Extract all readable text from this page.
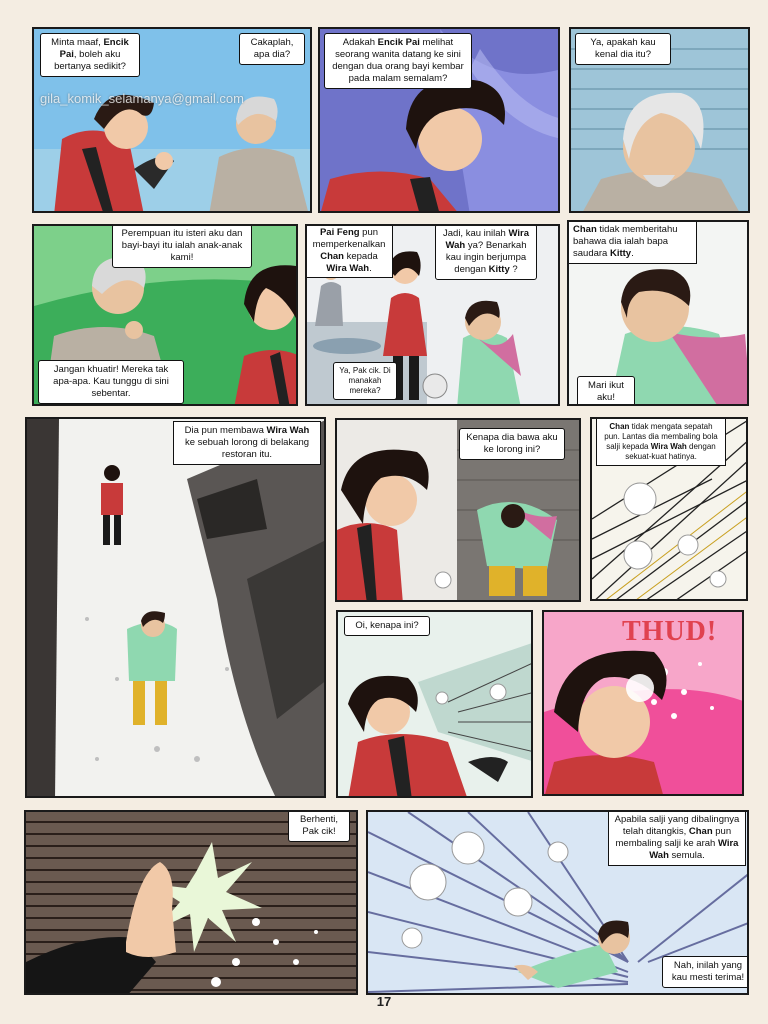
gila_komik_selamanya@gmail.com
Minta maaf, Encik Pai, boleh aku bertanya sedikit?
Cakaplah, apa dia?
Adakah Encik Pai melihat seorang wanita datang ke sini dengan dua orang bayi kembar pada malam semalam?
Ya, apakah kau kenal dia itu?
Perempuan itu isteri aku dan bayi-bayi itu ialah anak-anak kami!
Jangan khuatir! Mereka tak apa-apa. Kau tunggu di sini sebentar.
Pai Feng pun memperkenalkan Chan kepada Wira Wah.
Jadi, kau inilah Wira Wah ya? Benarkah kau ingin berjumpa dengan Kitty ?
Ya, Pak cik. Di manakah mereka?
Chan tidak memberitahu bahawa dia ialah bapa saudara Kitty.
Mari ikut aku!
Dia pun membawa Wira Wah ke sebuah lorong di belakang restoran itu.
Kenapa dia bawa aku ke lorong ini?
Chan tidak mengata sepatah pun. Lantas dia membaling bola salji kepada Wira Wah dengan sekuat-kuat hatinya.
Oi, kenapa ini?	THUD!
Berhenti, Pak cik!
Apabila salji yang dibalingnya telah ditangkis, Chan pun membaling salji ke arah Wira Wah semula.
Nah, inilah yang kau mesti terima!
17
